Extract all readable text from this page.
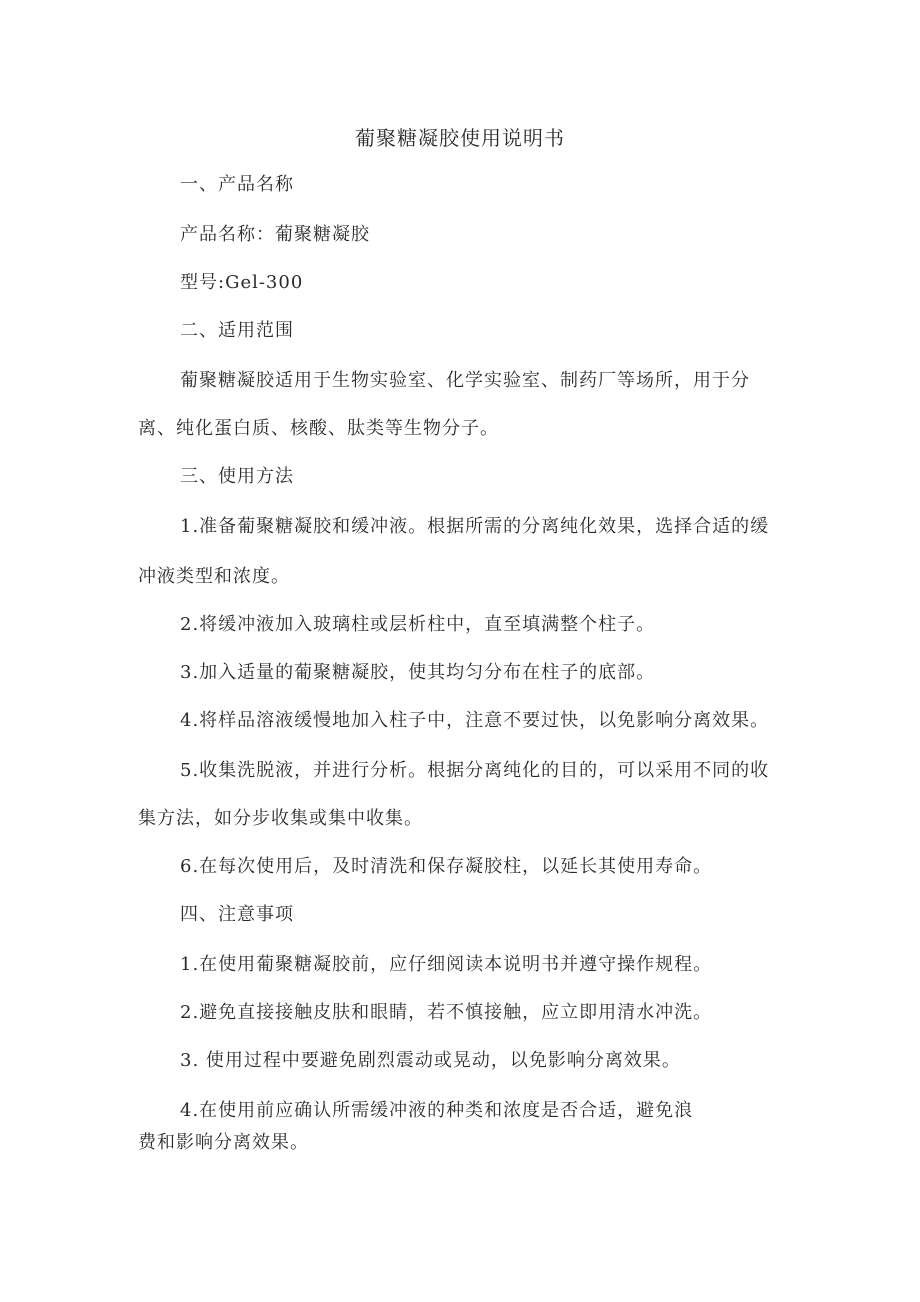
葡聚糖凝胶使用说明书
一、产品名称
产品名称：葡聚糖凝胶
型号:Gel-300
二、适用范围
葡聚糖凝胶适用于生物实验室、化学实验室、制药厂等场所，用于分
离、纯化蛋白质、核酸、肽类等生物分子。
三、使用方法
1.准备葡聚糖凝胶和缓冲液。根据所需的分离纯化效果，选择合适的缓
冲液类型和浓度。
2.将缓冲液加入玻璃柱或层析柱中，直至填满整个柱子。
3.加入适量的葡聚糖凝胶，使其均匀分布在柱子的底部。
4.将样品溶液缓慢地加入柱子中，注意不要过快，以免影响分离效果。
5.收集洗脱液，并进行分析。根据分离纯化的目的，可以采用不同的收
集方法，如分步收集或集中收集。
6.在每次使用后，及时清洗和保存凝胶柱，以延长其使用寿命。
四、注意事项
1.在使用葡聚糖凝胶前，应仔细阅读本说明书并遵守操作规程。
2.避免直接接触皮肤和眼睛，若不慎接触，应立即用清水冲洗。
3. 使用过程中要避免剧烈震动或晃动，以免影响分离效果。
4.在使用前应确认所需缓冲液的种类和浓度是否合适，避免浪
费和影响分离效果。
